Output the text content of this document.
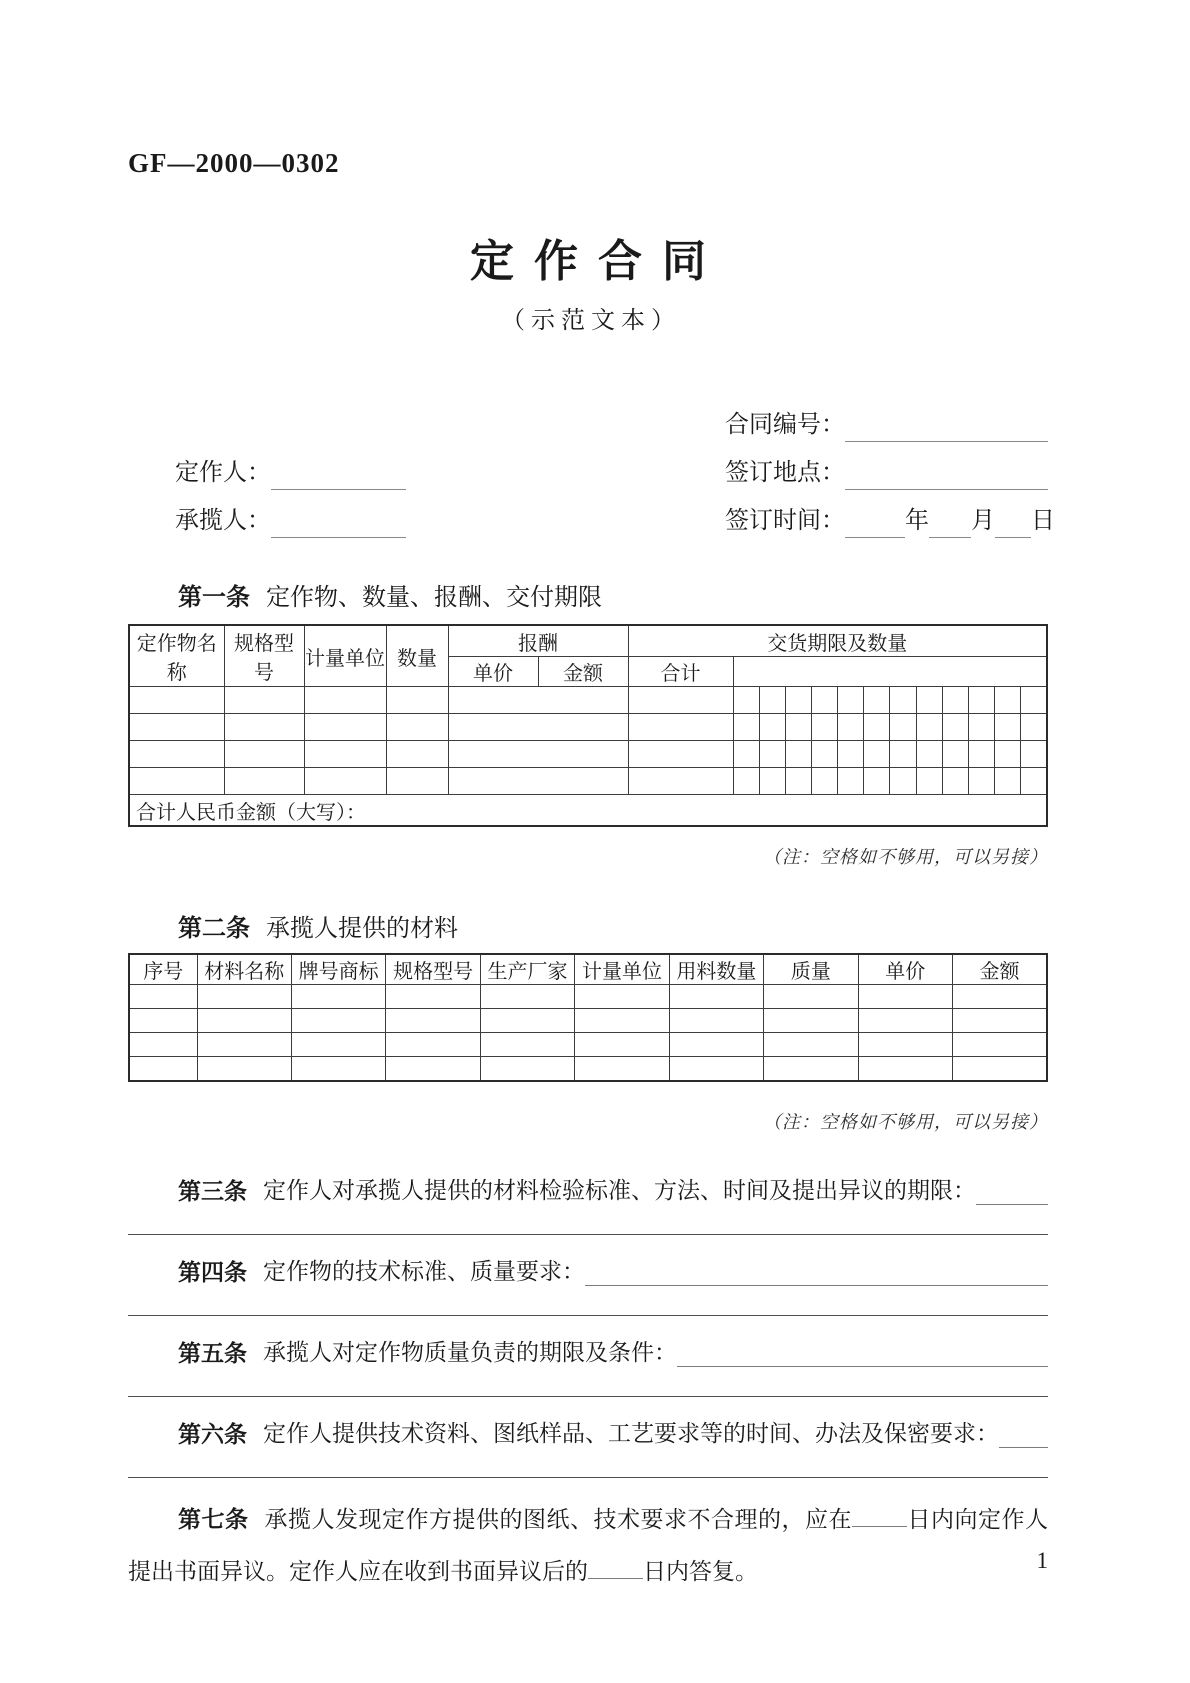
GF—2000—0302
定作合同
（示范文本）
合同编号：
定作人：	签订地点：
承揽人：	签订时间：	年 月 日
第一条 定作物、数量、报酬、交付期限
定作物名称	规格型号	计量单位	数量	报酬		交货期限及数量												
				单价	金额	合计												

合计人民币金额（大写）：																		
（注：空格如不够用，可以另接）
第二条 承揽人提供的材料
序号	材料名称	牌号商标	规格型号	生产厂家	计量单位	用料数量	质量	单价	金额

（注：空格如不够用，可以另接）
第三条 定作人对承揽人提供的材料检验标准、方法、时间及提出异议的期限：
第四条 定作物的技术标准、质量要求：
第五条 承揽人对定作物质量负责的期限及条件：
第六条 定作人提供技术资料、图纸样品、工艺要求等的时间、办法及保密要求：
第七条 承揽人发现定作方提供的图纸、技术要求不合理的，应在 日内向定作人提出书面异议。定作人应在收到书面异议后的 日内答复。	1
